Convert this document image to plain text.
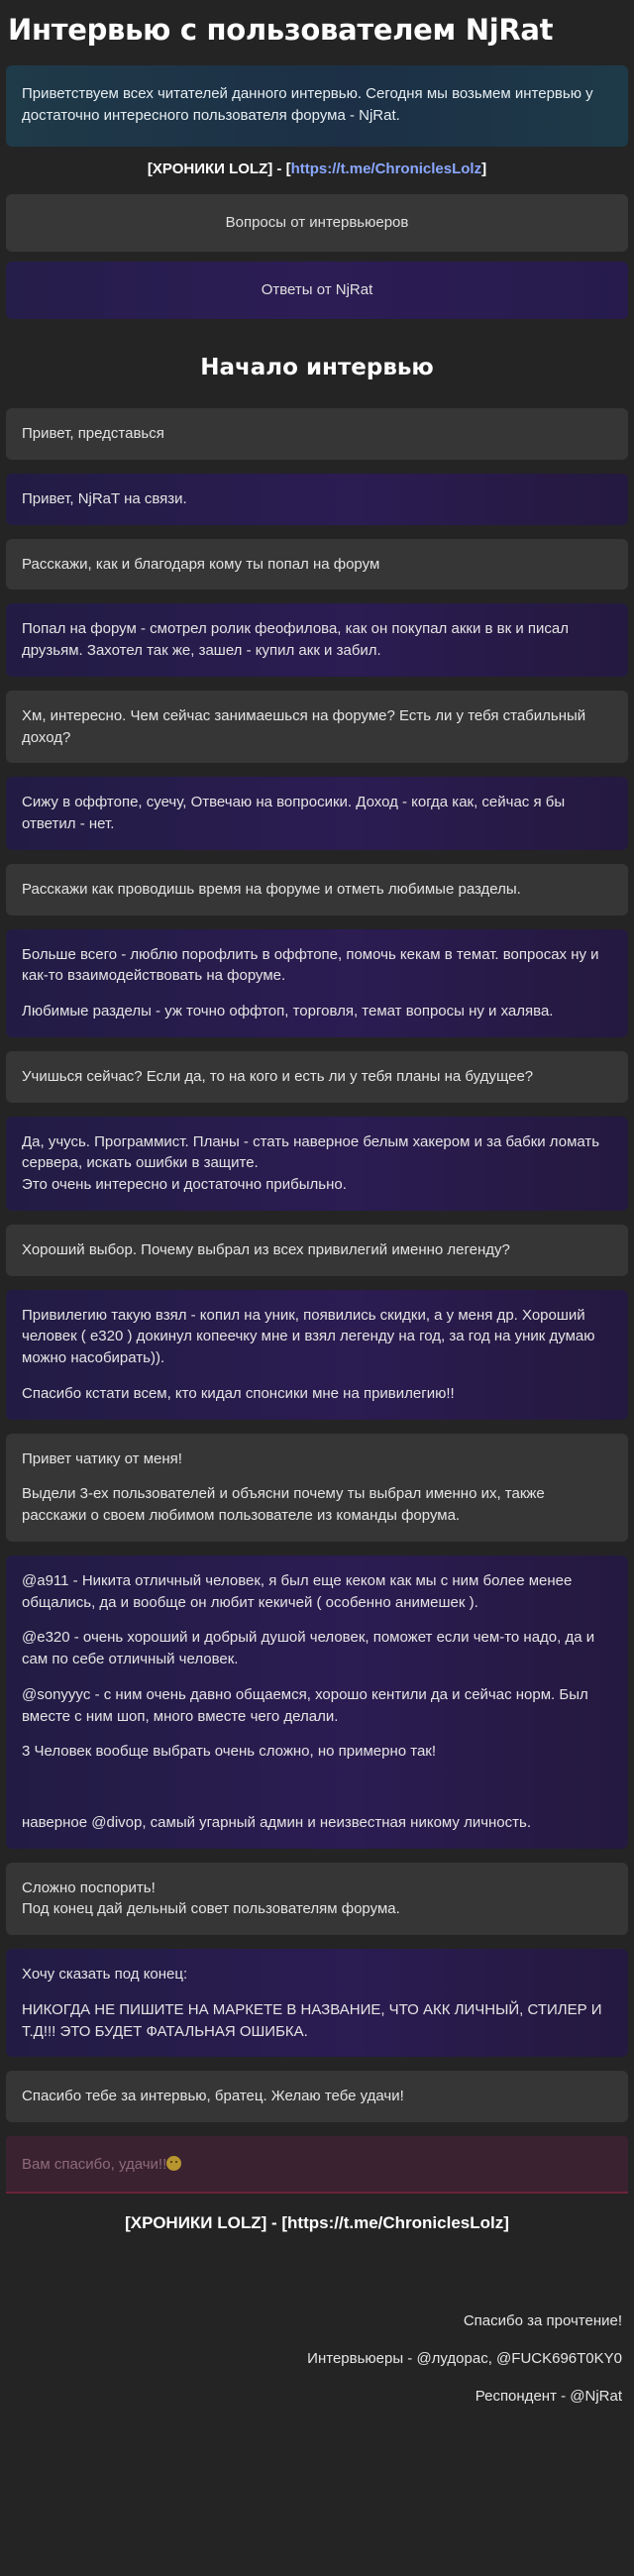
Интервью с пользователем NjRat
Приветствуем всех читателей данного интервью. Сегодня мы возьмем интервью у достаточно интересного пользователя форума - NjRat.
[ХРОНИКИ LOLZ] - [https://t.me/ChroniclesLolz]
Вопросы от интервьюеров
Ответы от NjRat
Начало интервью

Привет, представься

Привет, NjRaT на связи.

Расскажи, как и благодаря кому ты попал на форум

Попал на форум - смотрел ролик феофилова, как он покупал акки в вк и писал друзьям. Захотел так же, зашел - купил акк и забил.

Хм, интересно. Чем сейчас занимаешься на форуме? Есть ли у тебя стабильный доход?

Сижу в оффтопе, суечу, Отвечаю на вопросики. Доход - когда как, сейчас я бы ответил - нет.

Расскажи как проводишь время на форуме и отметь любимые разделы.

Больше всего - люблю порофлить в оффтопе, помочь кекам в темат. вопросах ну и как-то взаимодействовать на форуме.

Любимые разделы - уж точно оффтоп, торговля, темат вопросы ну и халява.

Учишься сейчас? Если да, то на кого и есть ли у тебя планы на будущее?

Да, учусь. Программист. Планы - стать наверное белым хакером и за бабки ломать сервера, искать ошибки в защите.

Это очень интересно и достаточно прибыльно.

Хороший выбор. Почему выбрал из всех привилегий именно легенду?

Привилегию такую взял - копил на уник, появились скидки, а у меня др. Хороший человек ( e320 ) докинул копеечку мне и взял легенду на год, за год на уник думаю можно насобирать)).

Спасибо кстати всем, кто кидал спонсики мне на привилегию!!

Привет чатику от меня!

Выдели 3-ех пользователей и объясни почему ты выбрал именно их, также расскажи о своем любимом пользователе из команды форума.

@a911 - Никита отличный человек, я был еще кеком как мы с ним более менее общались, да и вообще он любит кекичей ( особенно анимешек ).

@e320 - очень хороший и добрый душой человек, поможет если чем-то надо, да и сам по себе отличный человек.

@sonyyyc - с ним очень давно общаемся, хорошо кентили да и сейчас норм. Был вместе с ним шоп, много вместе чего делали.

3 Человек вообще выбрать очень сложно, но примерно так!

наверное @divop, самый угарный админ и неизвестная никому личность.

Сложно поспорить!

Под конец дай дельный совет пользователям форума.

Хочу сказать под конец:

НИКОГДА НЕ ПИШИТЕ НА МАРКЕТЕ В НАЗВАНИЕ, ЧТО АКК ЛИЧНЫЙ, СТИЛЕР И Т.Д!!! ЭТО БУДЕТ ФАТАЛЬНАЯ ОШИБКА.

Спасибо тебе за интервью, братец. Желаю тебе удачи!

Вам спасибо, удачи!!
[ХРОНИКИ LOLZ] - [https://t.me/ChroniclesLolz]
Спасибо за прочтение!
Интервьюеры - @лудорас, @FUCK696T0KY0
Респондент - @NjRat
